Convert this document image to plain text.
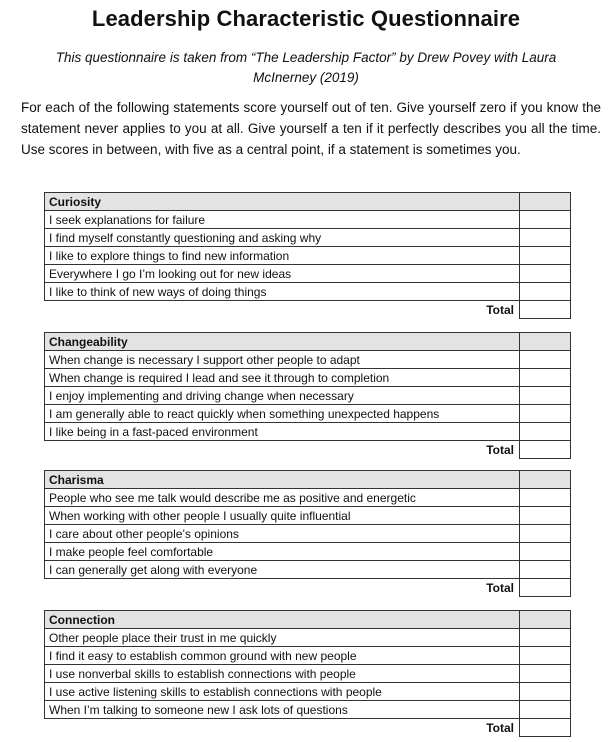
Leadership Characteristic Questionnaire

This questionnaire is taken from “The Leadership Factor” by Drew Povey with Laura McInerney (2019)

For each of the following statements score yourself out of ten. Give yourself zero if you know the statement never applies to you at all. Give yourself a ten if it perfectly describes you all the time. Use scores in between, with five as a central point, if a statement is sometimes you.

Curiosity	
I seek explanations for failure	
I find myself constantly questioning and asking why	
I like to explore things to find new information	
Everywhere I go I’m looking out for new ideas	
I like to think of new ways of doing things	
Total	
Changeability	
When change is necessary I support other people to adapt	
When change is required I lead and see it through to completion	
I enjoy implementing and driving change when necessary	
I am generally able to react quickly when something unexpected happens	
I like being in a fast-paced environment	
Total	
Charisma	
People who see me talk would describe me as positive and energetic	
When working with other people I usually quite influential	
I care about other people’s opinions	
I make people feel comfortable	
I can generally get along with everyone	
Total	
Connection	
Other people place their trust in me quickly	
I find it easy to establish common ground with new people	
I use nonverbal skills to establish connections with people	
I use active listening skills to establish connections with people	
When I’m talking to someone new I ask lots of questions	
Total	
